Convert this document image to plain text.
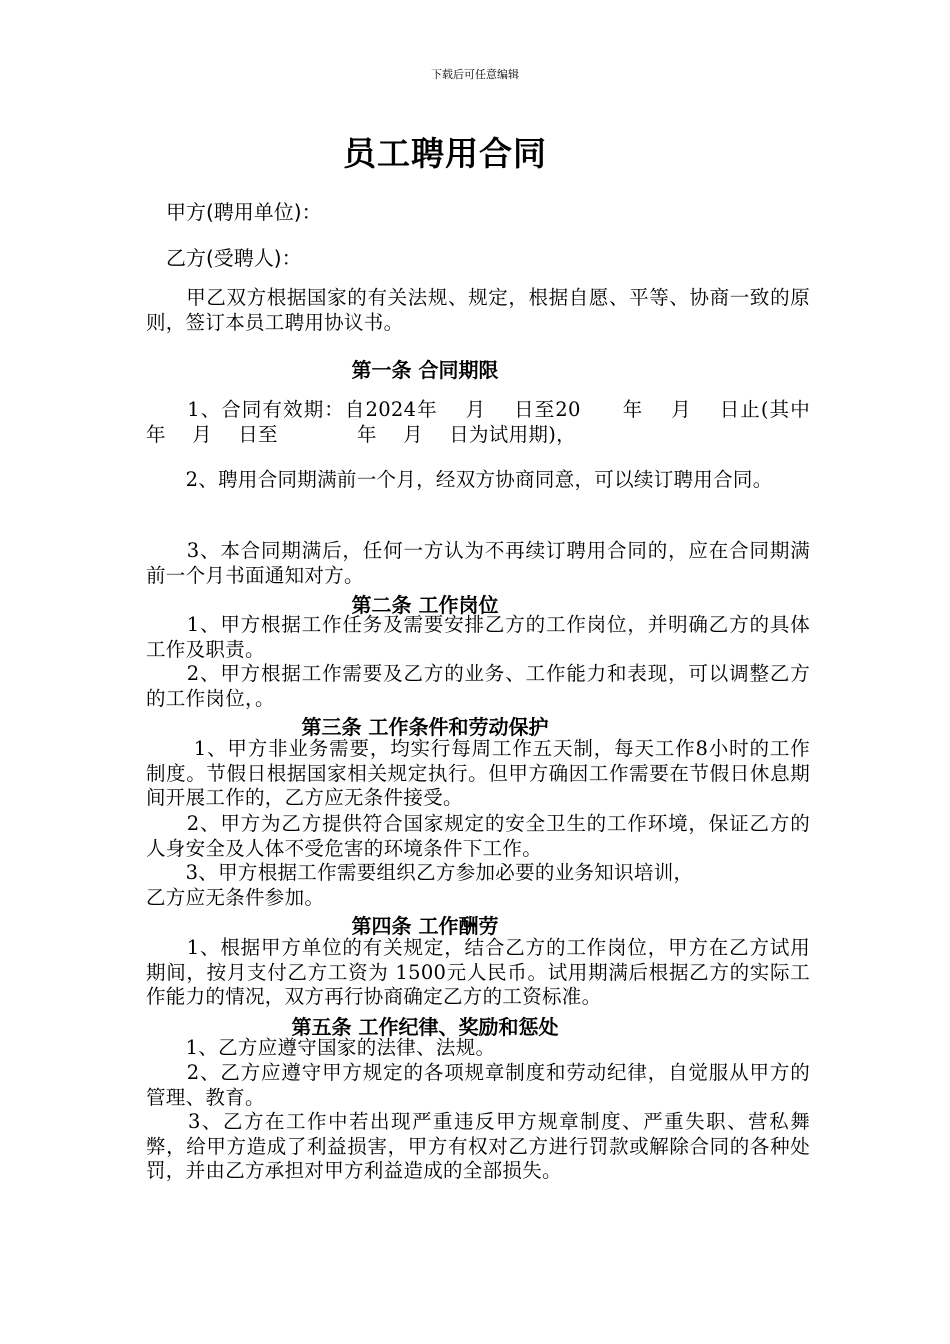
下载后可任意编辑
员工聘用合同
甲方(聘用单位)：
乙方(受聘人)：
　　甲乙双方根据国家的有关法规、规定，根据自愿、平等、协商一致的原则，签订本员工聘用协议书。
第一条 合同期限
　　1、合同有效期：自2024年　 月　 日至20　　年　 月　 日止(其中　　　年　 月　 日至　　　　年　 月　 日为试用期)，
　　2、聘用合同期满前一个月，经双方协商同意，可以续订聘用合同。
　　3、本合同期满后，任何一方认为不再续订聘用合同的，应在合同期满前一个月书面通知对方。
第二条 工作岗位
　　1、甲方根据工作任务及需要安排乙方的工作岗位，并明确乙方的具体工作及职责。
　　2、甲方根据工作需要及乙方的业务、工作能力和表现，可以调整乙方的工作岗位，。
第三条 工作条件和劳动保护
　　 1、甲方非业务需要，均实行每周工作五天制，每天工作8小时的工作制度。节假日根据国家相关规定执行。但甲方确因工作需要在节假日休息期间开展工作的，乙方应无条件接受。
　　2、甲方为乙方提供符合国家规定的安全卫生的工作环境，保证乙方的人身安全及人体不受危害的环境条件下工作。
　　3、甲方根据工作需要组织乙方参加必要的业务知识培训，
乙方应无条件参加。
第四条 工作酬劳
　　1、根据甲方单位的有关规定，结合乙方的工作岗位，甲方在乙方试用期间，按月支付乙方工资为 1500元人民币。试用期满后根据乙方的实际工作能力的情况，双方再行协商确定乙方的工资标准。
第五条 工作纪律、奖励和惩处
　　1、乙方应遵守国家的法律、法规。
　　2、乙方应遵守甲方规定的各项规章制度和劳动纪律，自觉服从甲方的管理、教育。
　　3、乙方在工作中若出现严重违反甲方规章制度、严重失职、营私舞弊，给甲方造成了利益损害，甲方有权对乙方进行罚款或解除合同的各种处罚，并由乙方承担对甲方利益造成的全部损失。
